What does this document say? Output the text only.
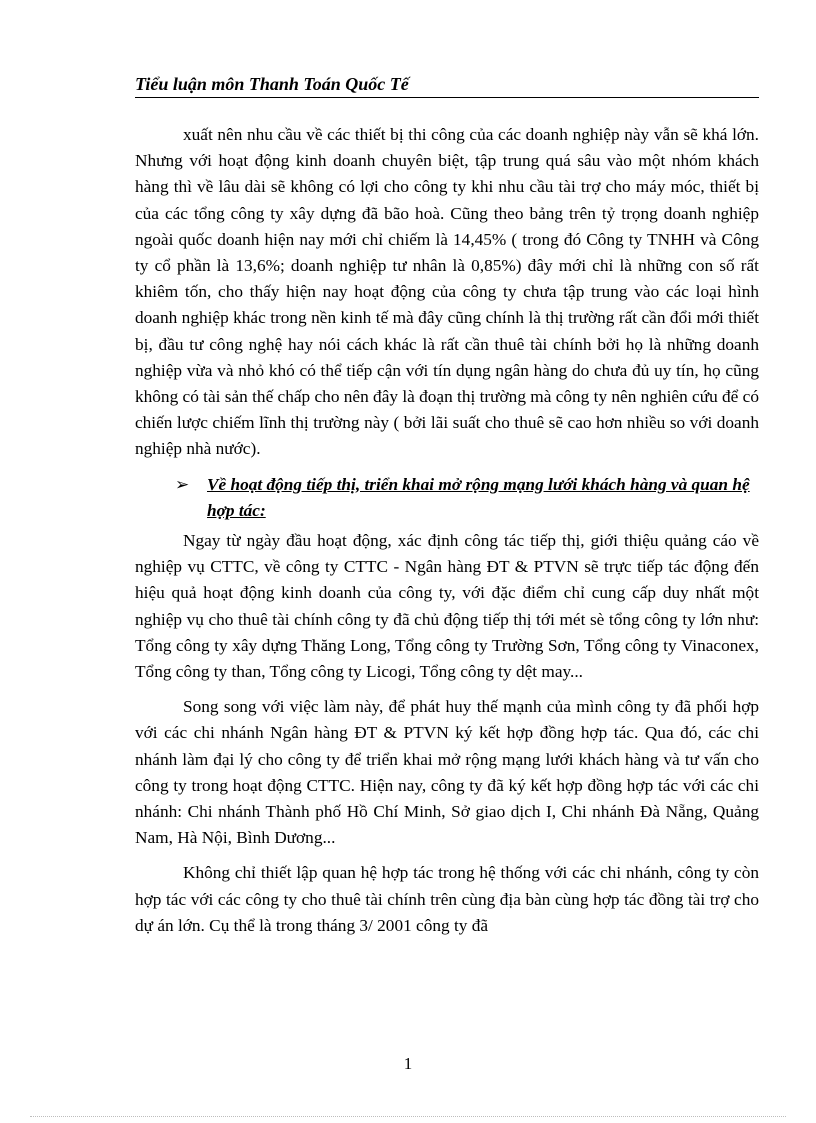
Tiểu luận môn Thanh Toán Quốc Tế

xuất nên nhu cầu về các thiết bị thi công của các doanh nghiệp này vẫn sẽ khá lớn. Nhưng với hoạt động kinh doanh chuyên biệt, tập trung quá sâu vào một nhóm khách hàng thì về lâu dài sẽ không có lợi cho công ty khi nhu cầu tài trợ cho máy móc, thiết bị của các tổng công ty xây dựng đã bão hoà. Cũng theo bảng trên tỷ trọng doanh nghiệp ngoài quốc doanh hiện nay mới chỉ chiếm là 14,45% ( trong đó Công ty TNHH và Công ty cổ phần là 13,6%; doanh nghiệp tư nhân là 0,85%) đây mới chỉ là những con số rất khiêm tốn, cho thấy hiện nay hoạt động của công ty chưa tập trung vào các loại hình doanh nghiệp khác trong nền kinh tế mà đây cũng chính là thị trường rất cần đổi mới thiết bị, đầu tư công nghệ hay nói cách khác là rất cần thuê tài chính bởi họ là những doanh nghiệp vừa và nhỏ khó có thể tiếp cận với tín dụng ngân hàng do chưa đủ uy tín, họ cũng không có tài sản thế chấp cho nên đây là đoạn thị trường mà công ty nên nghiên cứu để có chiến lược chiếm lĩnh thị trường này ( bởi lãi suất cho thuê sẽ cao hơn nhiều so với doanh nghiệp nhà nước).

➢ Về hoạt động tiếp thị, triển khai mở rộng mạng lưới khách hàng và quan hệ hợp tác:

Ngay từ ngày đầu hoạt động, xác định công tác tiếp thị, giới thiệu quảng cáo về nghiệp vụ CTTC, về công ty CTTC - Ngân hàng ĐT & PTVN sẽ trực tiếp tác động đến hiệu quả hoạt động kinh doanh của công ty, với đặc điểm chỉ cung cấp duy nhất một nghiệp vụ cho thuê tài chính công ty đã chủ động tiếp thị tới mét sè tổng công ty lớn như: Tổng công ty xây dựng Thăng Long, Tổng công ty Trường Sơn, Tổng công ty Vinaconex, Tổng công ty than, Tổng công ty Licogi, Tổng công ty dệt may...

Song song với việc làm này, để phát huy thế mạnh của mình công ty đã phối hợp với các chi nhánh Ngân hàng ĐT & PTVN ký kết hợp đồng hợp tác. Qua đó, các chi nhánh làm đại lý cho công ty để triển khai mở rộng mạng lưới khách hàng và tư vấn cho công ty trong hoạt động CTTC. Hiện nay, công ty đã ký kết hợp đồng hợp tác với các chi nhánh: Chi nhánh Thành phố Hồ Chí Minh, Sở giao dịch I, Chi nhánh Đà Nẵng, Quảng Nam, Hà Nội, Bình Dương...

Không chỉ thiết lập quan hệ hợp tác trong hệ thống với các chi nhánh, công ty còn hợp tác với các công ty cho thuê tài chính trên cùng địa bàn cùng hợp tác đồng tài trợ cho dự án lớn. Cụ thể là trong tháng 3/ 2001 công ty đã

1
